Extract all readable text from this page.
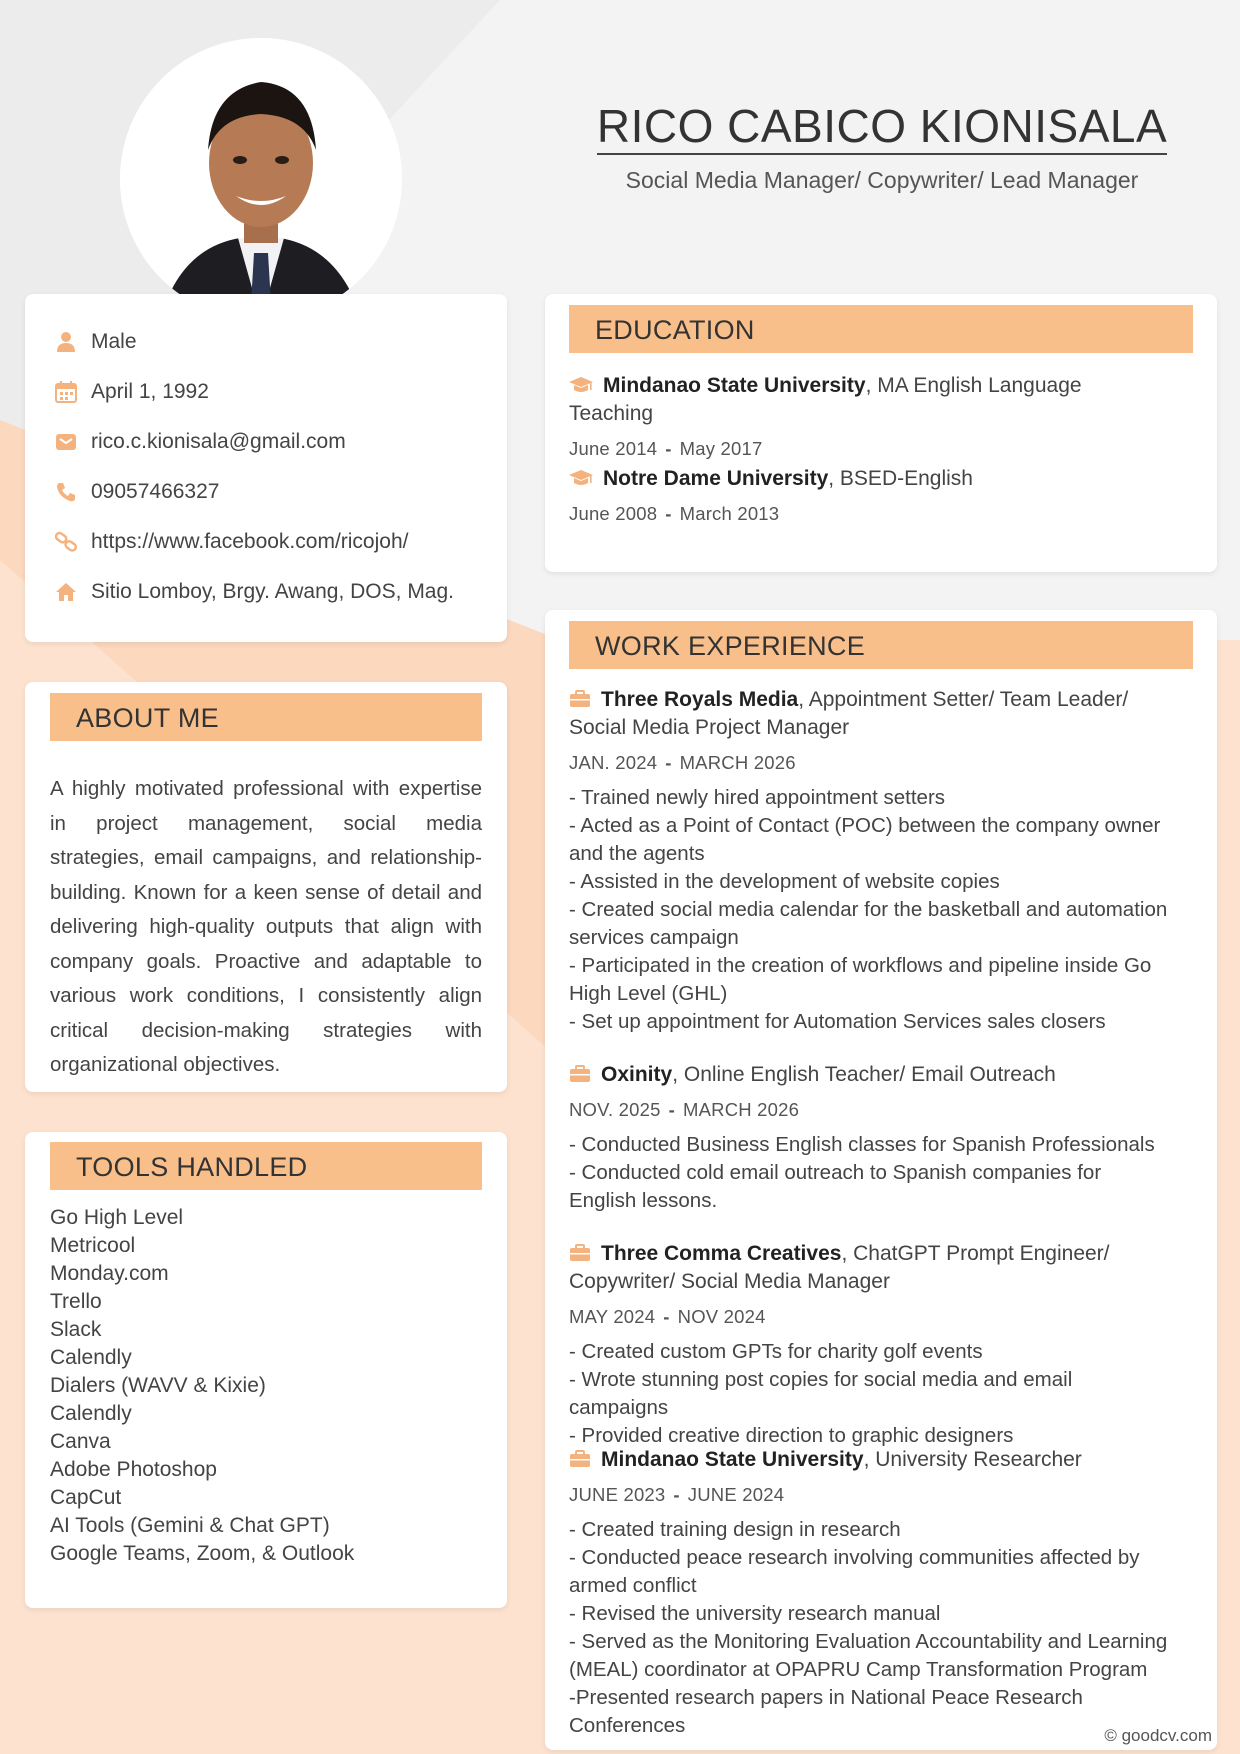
RICO CABICO KIONISALA
Social Media Manager/ Copywriter/ Lead Manager
Male
April 1, 1992
rico.c.kionisala@gmail.com
09057466327
https://www.facebook.com/ricojoh/
Sitio Lomboy, Brgy. Awang, DOS, Mag.
ABOUT ME
A highly motivated professional with expertise in project management, social media strategies, email campaigns, and relationship-building. Known for a keen sense of detail and delivering high-quality outputs that align with company goals. Proactive and adaptable to various work conditions, I consistently align critical decision-making strategies with organizational objectives.
TOOLS HANDLED
Go High Level
Metricool
Monday.com
Trello
Slack
Calendly
Dialers (WAVV & Kixie)
Calendly
Canva
Adobe Photoshop
CapCut
AI Tools (Gemini & Chat GPT)
Google Teams, Zoom, & Outlook
EDUCATION
Mindanao State University, MA English Language Teaching
June 2014 - May 2017
Notre Dame University, BSED-English
June 2008 - March 2013
WORK EXPERIENCE
Three Royals Media, Appointment Setter/ Team Leader/ Social Media Project Manager
JAN. 2024 - MARCH 2026
- Trained newly hired appointment setters
- Acted as a Point of Contact (POC) between the company owner and the agents
- Assisted in the development of website copies
- Created social media calendar for the basketball and automation services campaign
- Participated in the creation of workflows and pipeline inside Go High Level (GHL)
- Set up appointment for Automation Services sales closers
Oxinity, Online English Teacher/ Email Outreach
NOV. 2025 - MARCH 2026
- Conducted Business English classes for Spanish Professionals
- Conducted cold email outreach to Spanish companies for English lessons.
Three Comma Creatives, ChatGPT Prompt Engineer/ Copywriter/ Social Media Manager
MAY 2024 - NOV 2024
- Created custom GPTs for charity golf events
- Wrote stunning post copies for social media and email campaigns
- Provided creative direction to graphic designers
Mindanao State University, University Researcher
JUNE 2023 - JUNE 2024
- Created training design in research
- Conducted peace research involving communities affected by armed conflict
- Revised the university research manual
- Served as the Monitoring Evaluation Accountability and Learning (MEAL) coordinator at OPAPRU Camp Transformation Program
-Presented research papers in National Peace Research Conferences	© goodcv.com
